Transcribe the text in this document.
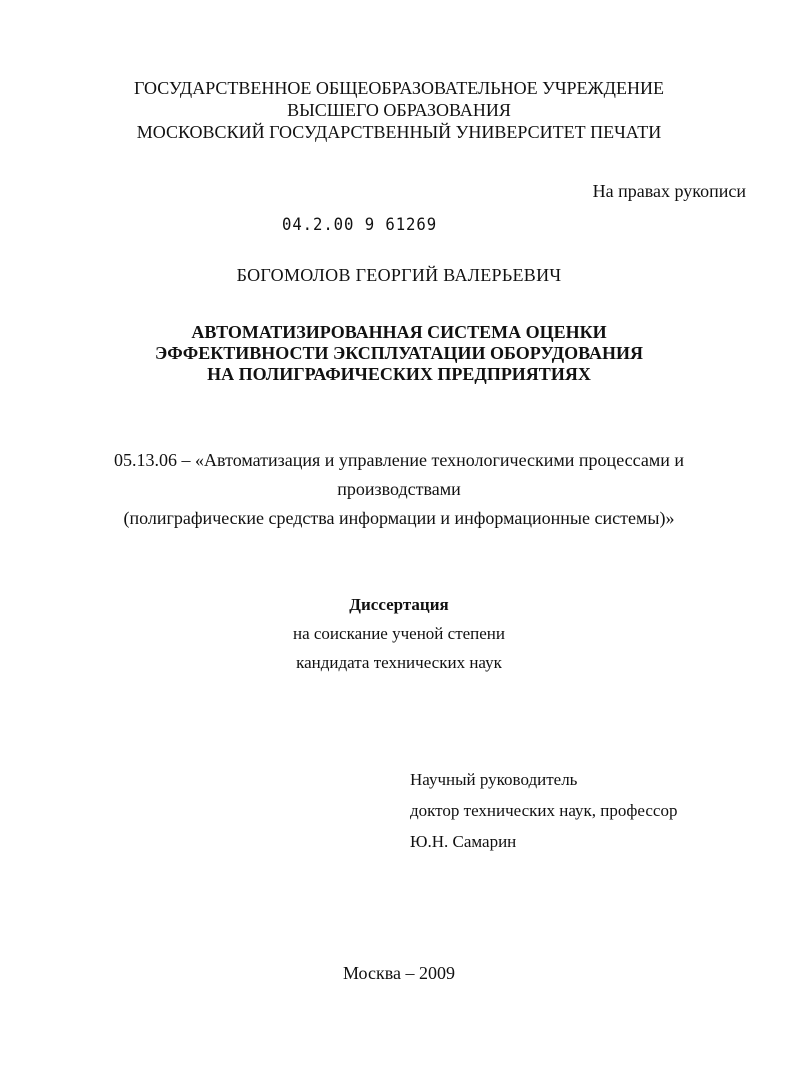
ГОСУДАРСТВЕННОЕ ОБЩЕОБРАЗОВАТЕЛЬНОЕ УЧРЕЖДЕНИЕ
ВЫСШЕГО ОБРАЗОВАНИЯ
МОСКОВСКИЙ ГОСУДАРСТВЕННЫЙ УНИВЕРСИТЕТ ПЕЧАТИ
На правах рукописи
04.2.00 9 61269
БОГОМОЛОВ ГЕОРГИЙ ВАЛЕРЬЕВИЧ
АВТОМАТИЗИРОВАННАЯ СИСТЕМА ОЦЕНКИ
ЭФФЕКТИВНОСТИ ЭКСПЛУАТАЦИИ ОБОРУДОВАНИЯ
НА ПОЛИГРАФИЧЕСКИХ ПРЕДПРИЯТИЯХ
05.13.06 – «Автоматизация и управление технологическими процессами и
производствами
(полиграфические средства информации и информационные системы)»
Диссертация
на соискание ученой степени
кандидата технических наук
Научный руководитель
доктор технических наук, профессор
Ю.Н. Самарин
Москва – 2009
